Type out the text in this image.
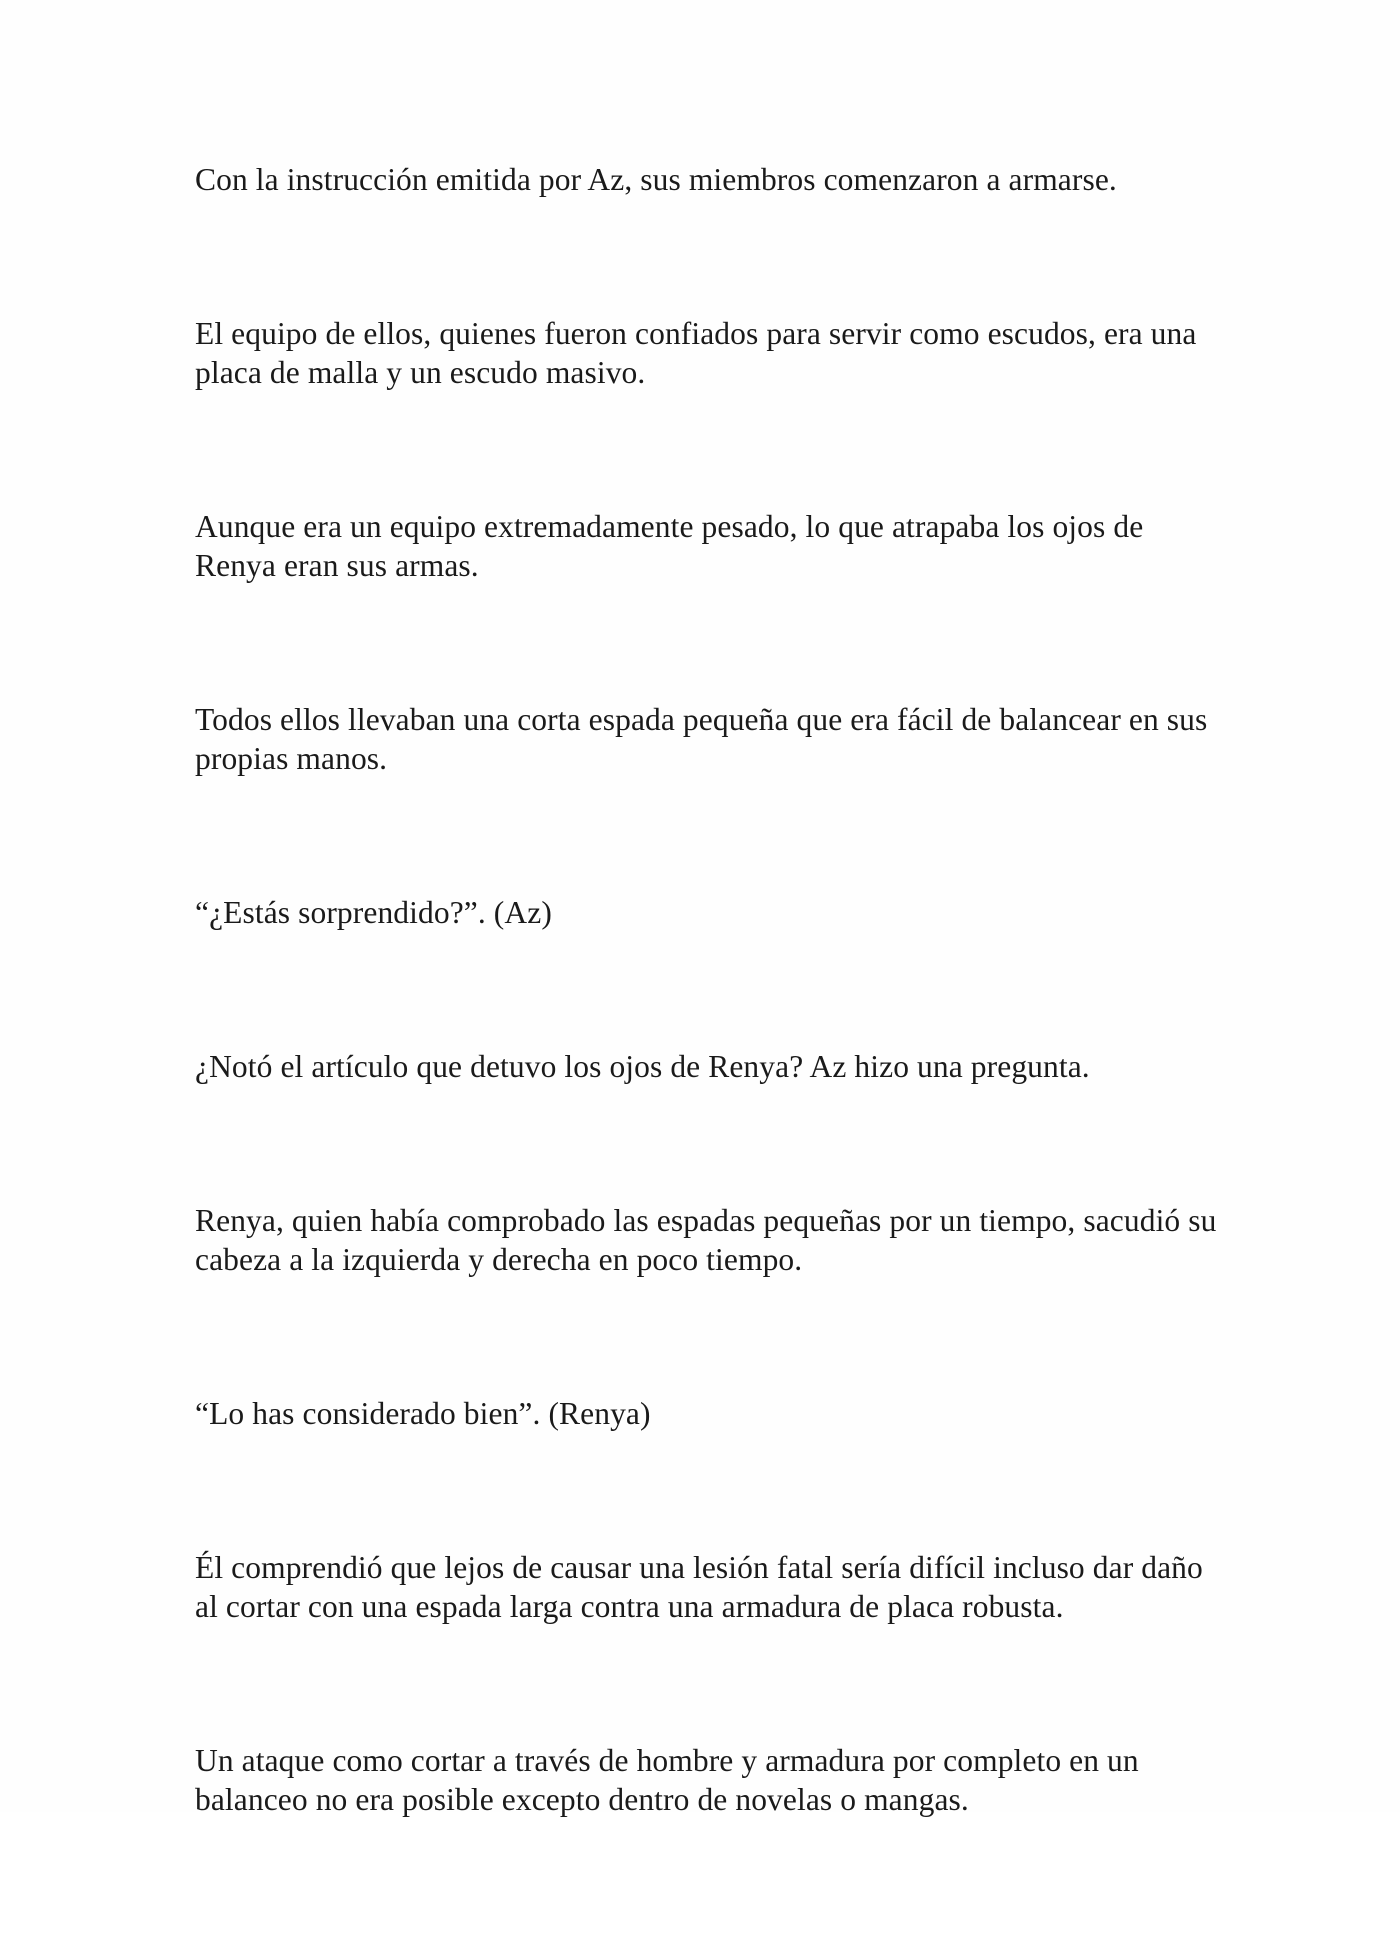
Con la instrucción emitida por Az, sus miembros comenzaron a armarse.

El equipo de ellos, quienes fueron confiados para servir como escudos, era una placa de malla y un escudo masivo.

Aunque era un equipo extremadamente pesado, lo que atrapaba los ojos de Renya eran sus armas.

Todos ellos llevaban una corta espada pequeña que era fácil de balancear en sus propias manos.

“¿Estás sorprendido?”. (Az)

¿Notó el artículo que detuvo los ojos de Renya? Az hizo una pregunta.

Renya, quien había comprobado las espadas pequeñas por un tiempo, sacudió su cabeza a la izquierda y derecha en poco tiempo.

“Lo has considerado bien”. (Renya)

Él comprendió que lejos de causar una lesión fatal sería difícil incluso dar daño al cortar con una espada larga contra una armadura de placa robusta.

Un ataque como cortar a través de hombre y armadura por completo en un balanceo no era posible excepto dentro de novelas o mangas.
